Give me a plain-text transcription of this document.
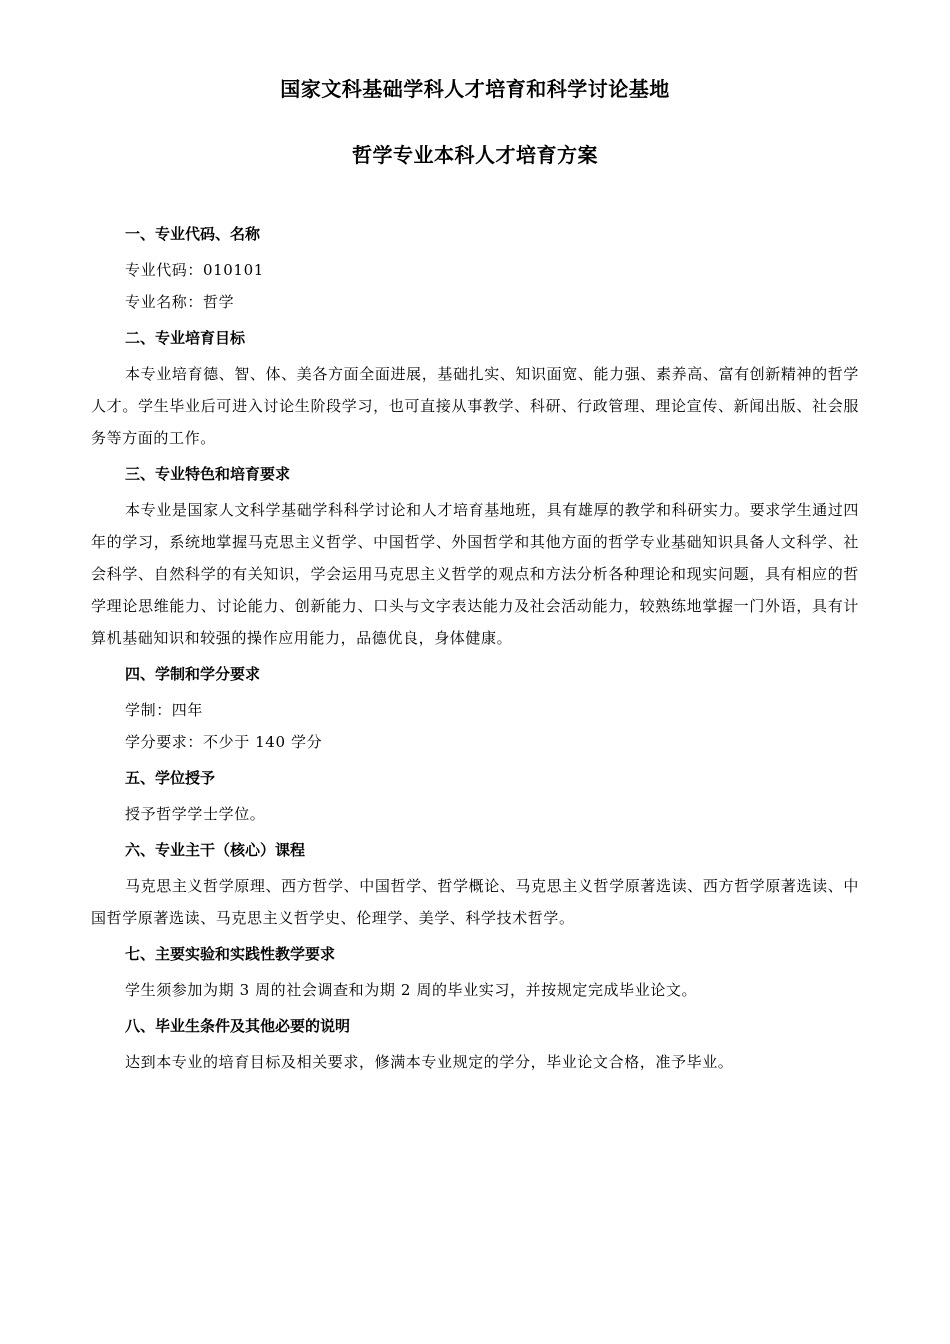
国家文科基础学科人才培育和科学讨论基地
哲学专业本科人才培育方案

一、专业代码、名称

专业代码：010101

专业名称：哲学

二、专业培育目标

本专业培育德、智、体、美各方面全面进展，基础扎实、知识面宽、能力强、素养高、富有创新精神的哲学人才。学生毕业后可进入讨论生阶段学习，也可直接从事教学、科研、行政管理、理论宣传、新闻出版、社会服务等方面的工作。

三、专业特色和培育要求

本专业是国家人文科学基础学科科学讨论和人才培育基地班，具有雄厚的教学和科研实力。要求学生通过四年的学习，系统地掌握马克思主义哲学、中国哲学、外国哲学和其他方面的哲学专业基础知识具备人文科学、社会科学、自然科学的有关知识，学会运用马克思主义哲学的观点和方法分析各种理论和现实问题，具有相应的哲学理论思维能力、讨论能力、创新能力、口头与文字表达能力及社会活动能力，较熟练地掌握一门外语，具有计算机基础知识和较强的操作应用能力，品德优良，身体健康。

四、学制和学分要求

学制：四年

学分要求：不少于 140 学分

五、学位授予

授予哲学学士学位。

六、专业主干（核心）课程

马克思主义哲学原理、西方哲学、中国哲学、哲学概论、马克思主义哲学原著选读、西方哲学原著选读、中国哲学原著选读、马克思主义哲学史、伦理学、美学、科学技术哲学。

七、主要实验和实践性教学要求

学生须参加为期 3 周的社会调查和为期 2 周的毕业实习，并按规定完成毕业论文。

八、毕业生条件及其他必要的说明

达到本专业的培育目标及相关要求，修满本专业规定的学分，毕业论文合格，准予毕业。
